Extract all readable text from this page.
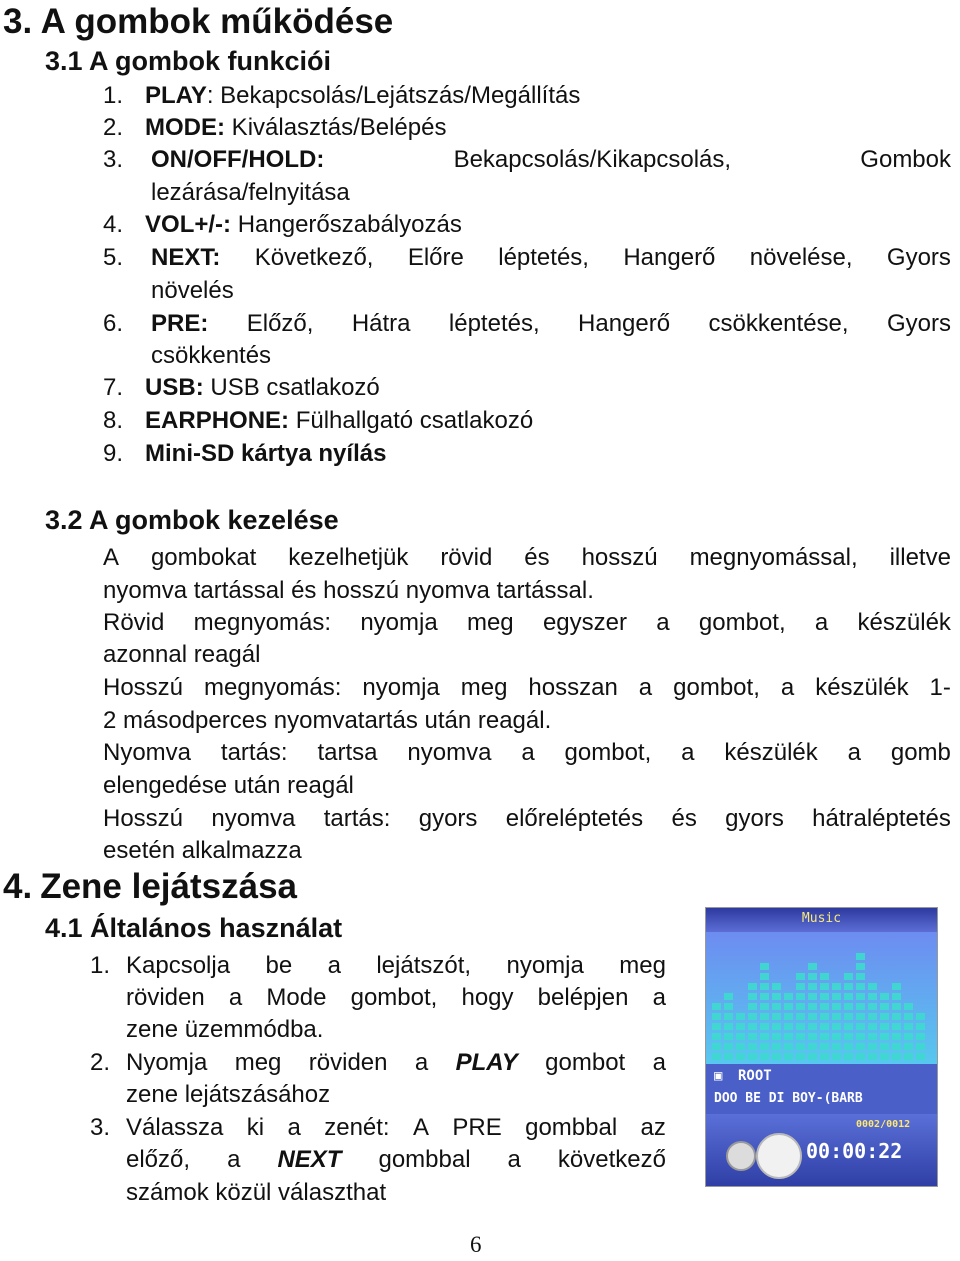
3. A gombok működése
3.1 A gombok funkciói
1. PLAY: Bekapcsolás/Lejátszás/Megállítás
2. MODE: Kiválasztás/Belépés
3. ON/OFF/HOLD:	Bekapcsolás/Kikapcsolás,	Gombok
lezárása/felnyitása
4. VOL+/-: Hangerőszabályozás
5. NEXT: Következő, Előre léptetés, Hangerő növelése, Gyors
növelés
6. PRE: Előző, Hátra léptetés, Hangerő csökkentése, Gyors
csökkentés
7. USB: USB csatlakozó
8. EARPHONE: Fülhallgató csatlakozó
9. Mini-SD kártya nyílás
3.2 A gombok kezelése
A gombokat kezelhetjük rövid és hosszú megnyomással, illetve
nyomva tartással és hosszú nyomva tartással.
Rövid megnyomás: nyomja meg egyszer a gombot, a készülék
azonnal reagál
Hosszú megnyomás: nyomja meg hosszan a gombot, a készülék 1-
2 másodperces nyomvatartás után reagál.
Nyomva tartás: tartsa nyomva a gombot, a készülék a gomb
elengedése után reagál
Hosszú nyomva tartás: gyors előreléptetés és gyors hátraléptetés
esetén alkalmazza
4. Zene lejátszása
4.1 Általános használat
1. Kapcsolja be a lejátszót, nyomja meg
röviden a Mode gombot, hogy belépjen a
zene üzemmódba.
2. Nyomja meg röviden a PLAY gombot a
zene lejátszásához
3. Válassza ki a zenét: A PRE gombbal az
előző, a NEXT gombbal a következő
számok közül választhat
Music
▣ ROOT
DOO BE DI BOY-(BARB
0002/0012
00:00:22
6
